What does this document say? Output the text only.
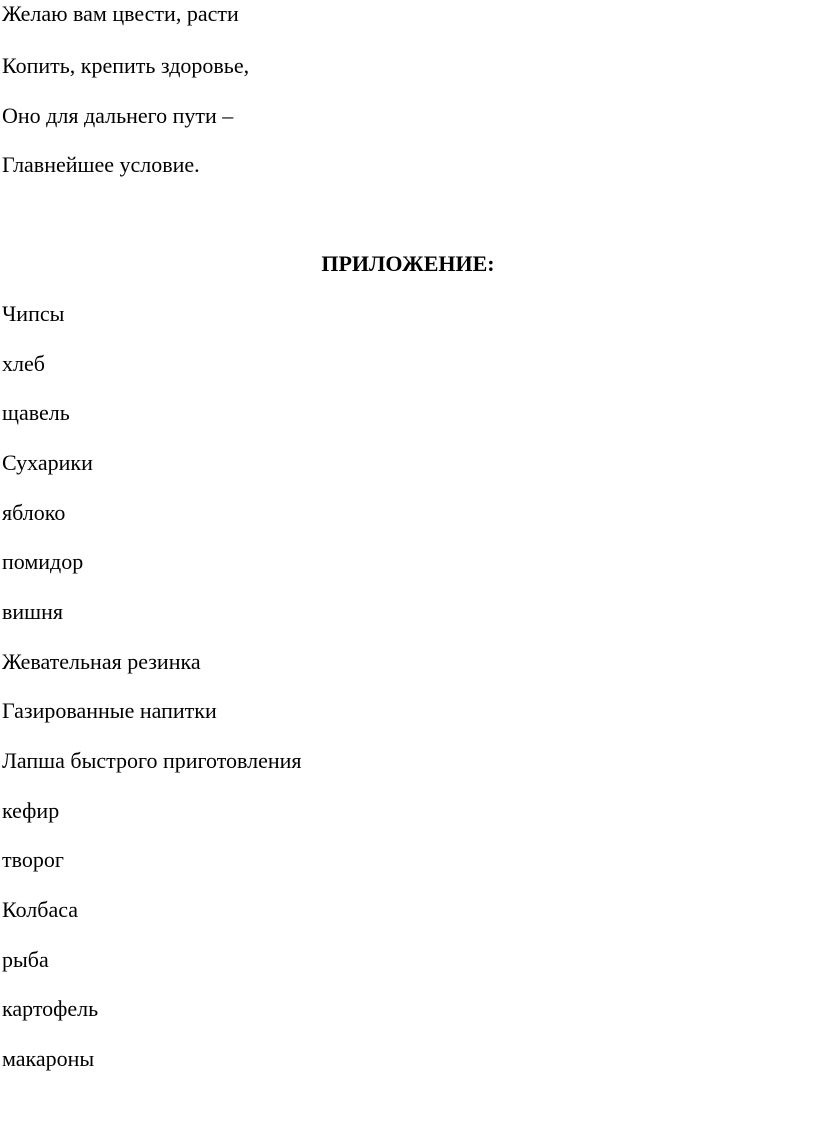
Желаю вам цвести, расти
Копить, крепить здоровье,
Оно для дальнего пути –
Главнейшее условие.
ПРИЛОЖЕНИЕ:
Чипсы
хлеб
щавель
Сухарики
яблоко
помидор
вишня
Жевательная резинка
Газированные напитки
Лапша быстрого приготовления
кефир
творог
Колбаса
рыба
картофель
макароны
